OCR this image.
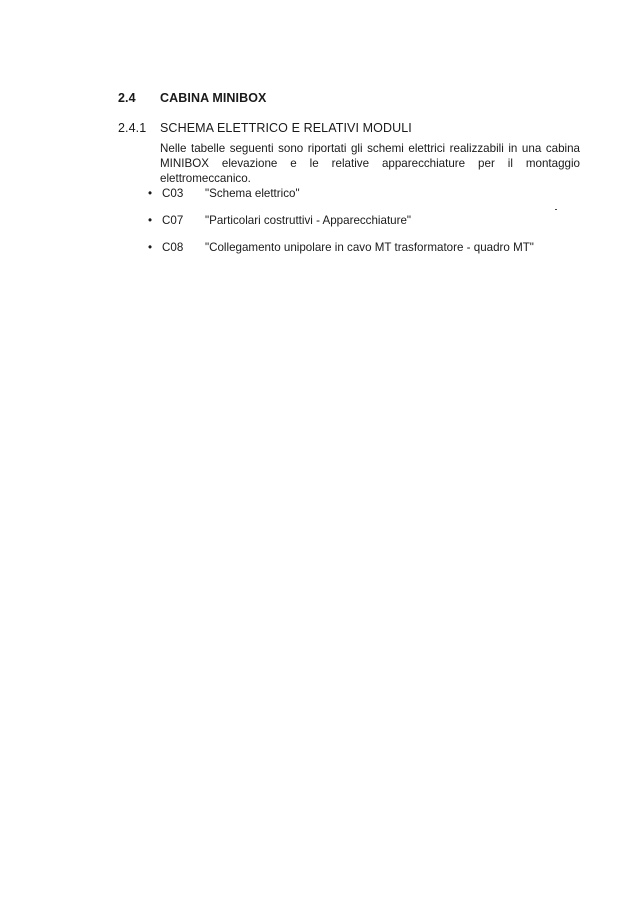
2.4 CABINA MINIBOX
2.4.1 SCHEMA ELETTRICO E RELATIVI MODULI
Nelle tabelle seguenti sono riportati gli schemi elettrici realizzabili in una cabina MINIBOX elevazione e le relative apparecchiature per il montaggio elettromeccanico.
• C03 "Schema elettrico"
• C07 "Particolari costruttivi - Apparecchiature"
• C08 "Collegamento unipolare in cavo MT trasformatore - quadro MT"
